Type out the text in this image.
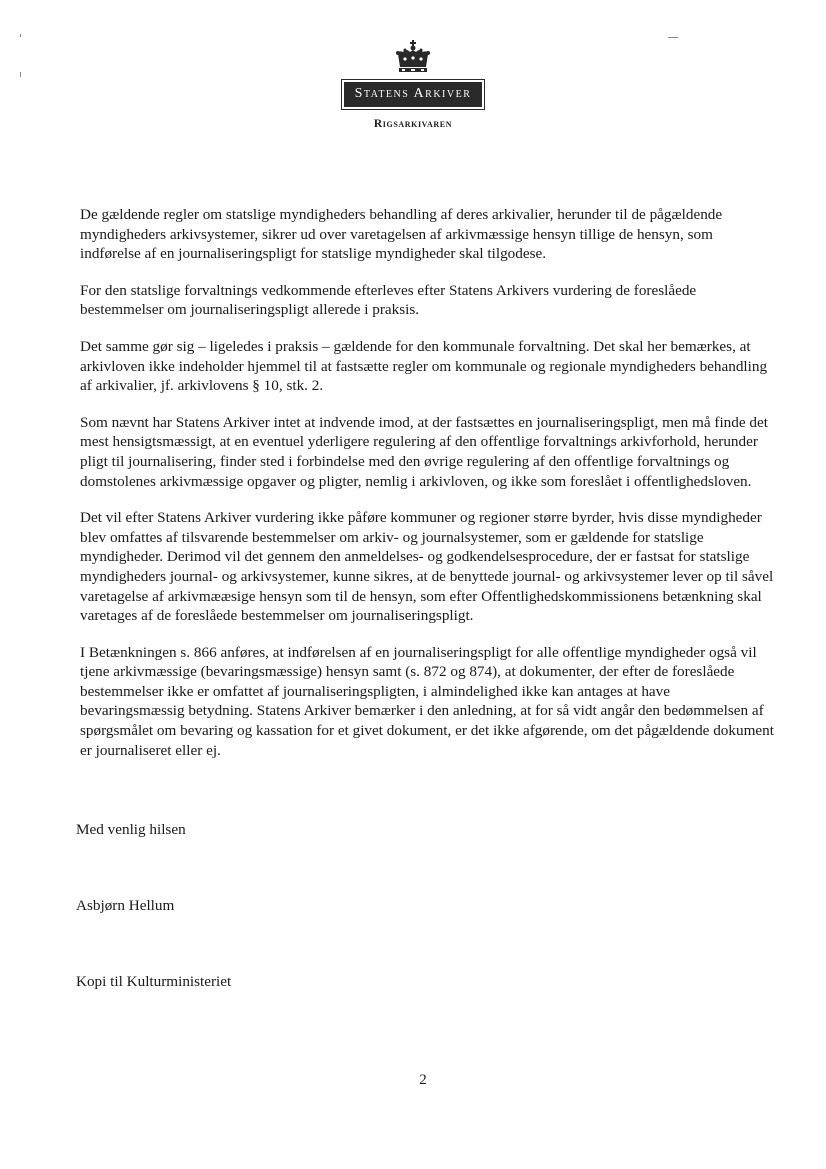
Statens Arkiver
Rigsarkivaren

De gældende regler om statslige myndigheders behandling af deres arkivalier, herunder til de pågældende myndigheders arkivsystemer, sikrer ud over varetagelsen af arkivmæssige hensyn tillige de hensyn, som indførelse af en journaliseringspligt for statslige myndigheder skal tilgodese.

For den statslige forvaltnings vedkommende efterleves efter Statens Arkivers vurdering de foreslåede bestemmelser om journaliseringspligt allerede i praksis.

Det samme gør sig – ligeledes i praksis – gældende for den kommunale forvaltning. Det skal her bemærkes, at arkivloven ikke indeholder hjemmel til at fastsætte regler om kommunale og regionale myndigheders behandling af arkivalier, jf. arkivlovens § 10, stk. 2.

Som nævnt har Statens Arkiver intet at indvende imod, at der fastsættes en journaliseringspligt, men må finde det mest hensigtsmæssigt, at en eventuel yderligere regulering af den offentlige forvaltnings arkivforhold, herunder pligt til journalisering, finder sted i forbindelse med den øvrige regulering af den offentlige forvaltnings og domstolenes arkivmæssige opgaver og pligter, nemlig i arkivloven, og ikke som foreslået i offentlighedsloven.

Det vil efter Statens Arkiver vurdering ikke påføre kommuner og regioner større byrder, hvis disse myndigheder blev omfattes af tilsvarende bestemmelser om arkiv- og journalsystemer, som er gældende for statslige myndigheder. Derimod vil det gennem den anmeldelses- og godkendelsesprocedure, der er fastsat for statslige myndigheders journal- og arkivsystemer, kunne sikres, at de benyttede journal- og arkivsystemer lever op til såvel varetagelse af arkivmææsige hensyn som til de hensyn, som efter Offentlighedskommissionens betænkning skal varetages af de foreslåede bestemmelser om journaliseringspligt.

I Betænkningen s. 866 anføres, at indførelsen af en journaliseringspligt for alle offentlige myndigheder også vil tjene arkivmæssige (bevaringsmæssige) hensyn samt (s. 872 og 874), at dokumenter, der efter de foreslåede bestemmelser ikke er omfattet af journaliseringspligten, i almindelighed ikke kan antages at have bevaringsmæssig betydning. Statens Arkiver bemærker i den anledning, at for så vidt angår den bedømmelsen af spørgsmålet om bevaring og kassation for et givet dokument, er det ikke afgørende, om det pågældende dokument er journaliseret eller ej.

Med venlig hilsen
Asbjørn Hellum
Kopi til Kulturministeriet
2
